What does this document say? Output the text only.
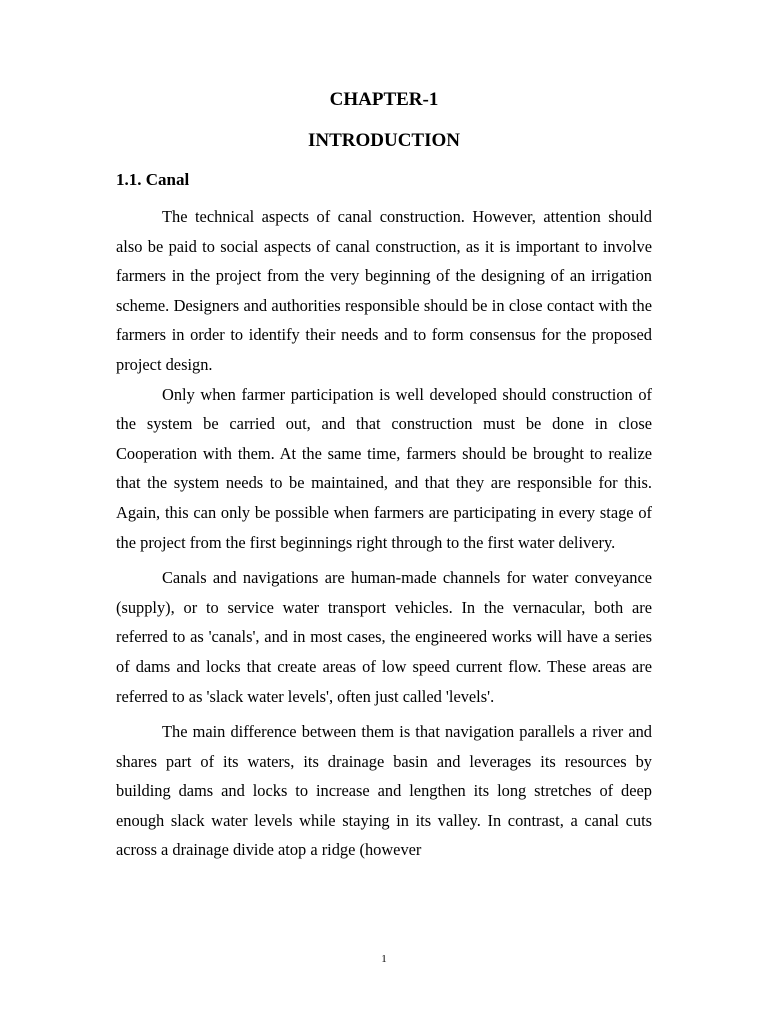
CHAPTER-1
INTRODUCTION
1.1. Canal

The technical aspects of canal construction. However, attention should also be paid to social aspects of canal construction, as it is important to involve farmers in the project from the very beginning of the designing of an irrigation scheme. Designers and authorities responsible should be in close contact with the farmers in order to identify their needs and to form consensus for the proposed project design.

Only when farmer participation is well developed should construction of the system be carried out, and that construction must be done in close Cooperation with them. At the same time, farmers should be brought to realize that the system needs to be maintained, and that they are responsible for this. Again, this can only be possible when farmers are participating in every stage of the project from the first beginnings right through to the first water delivery.

Canals and navigations are human-made channels for water conveyance (supply), or to service water transport vehicles. In the vernacular, both are referred to as 'canals', and in most cases, the engineered works will have a series of dams and locks that create areas of low speed current flow. These areas are referred to as 'slack water levels', often just called 'levels'.

The main difference between them is that navigation parallels a river and shares part of its waters, its drainage basin and leverages its resources by building dams and locks to increase and lengthen its long stretches of deep enough slack water levels while staying in its valley. In contrast, a canal cuts across a drainage divide atop a ridge (however

1
